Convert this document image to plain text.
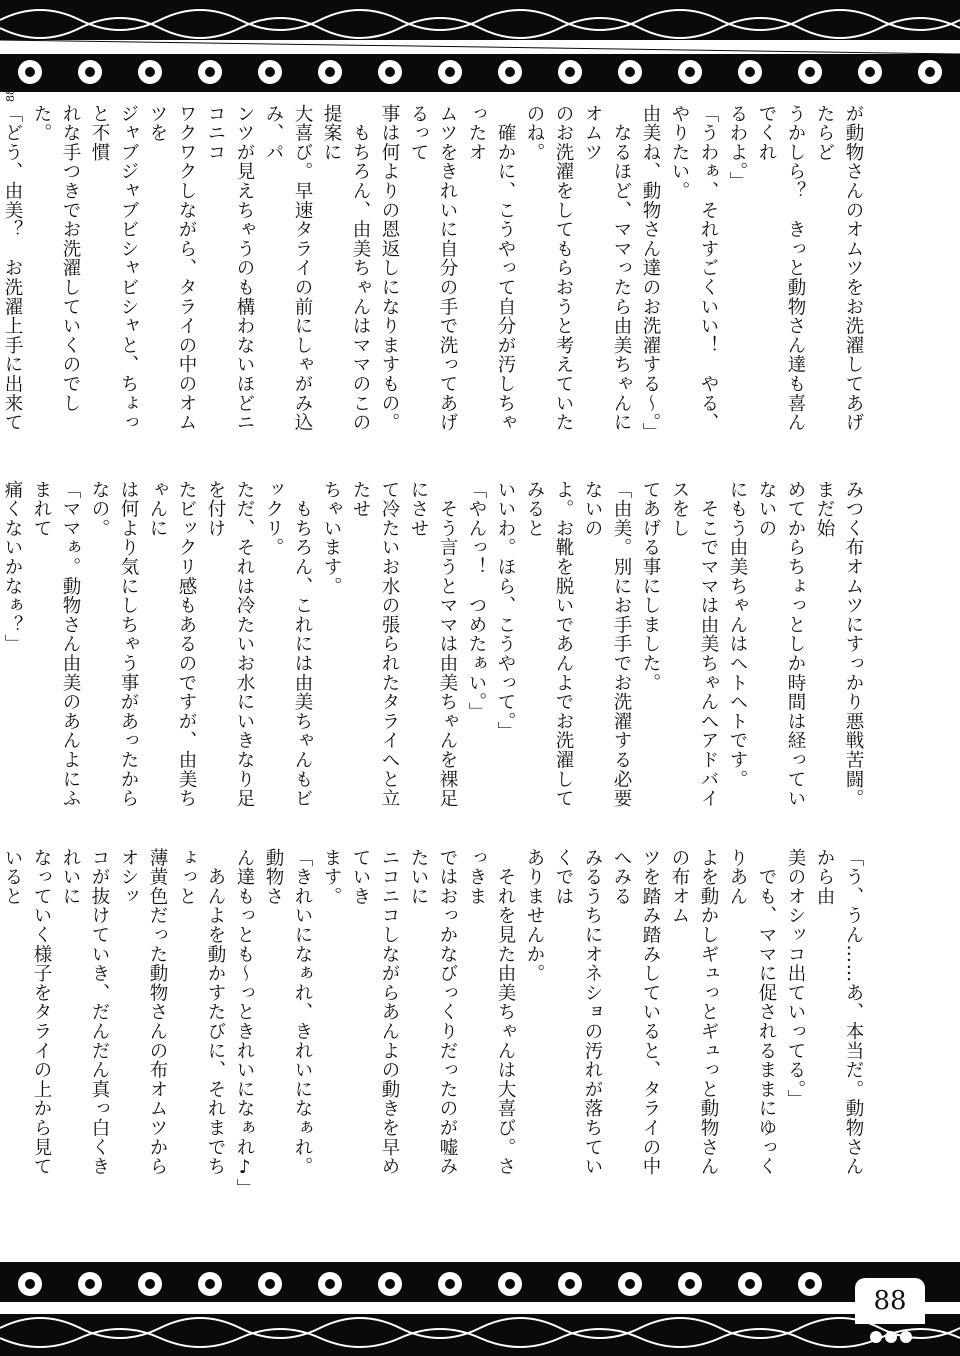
88

が動物さんのオムツをお洗濯してあげたらど

うかしら？　きっと動物さん達も喜んでくれ

るわよ。」

「うわぁ、それすごくいい！　やる、やりたい。

由美ね、動物さん達のお洗濯する〜。」

　なるほど、ママったら由美ちゃんにオムツ

のお洗濯をしてもらおうと考えていたのね。

　確かに、こうやって自分が汚しちゃったオ

ムツをきれいに自分の手で洗ってあげるって

事は何よりの恩返しになりますもの。

　もちろん、由美ちゃんはママのこの提案に

大喜び。早速タライの前にしゃがみ込み、パ

ンツが見えちゃうのも構わないほどニコニコ

ワクワクしながら、タライの中のオムツを

ジャブジャブビシャビシャと、ちょっと不慣

れな手つきでお洗濯していくのでした。

「どう、由美？　お洗濯上手に出来て

みつく布オムツにすっかり悪戦苦闘。まだ始

めてからちょっとしか時間は経っていないの

にもう由美ちゃんはヘトヘトです。

　そこでママは由美ちゃんへアドバイスをし

てあげる事にしました。

「由美。別にお手手でお洗濯する必要ないの

よ。お靴を脱いであんよでお洗濯してみると

いいわ。ほら、こうやって。」

「やんっ！　つめたぁい。」

　そう言うとママは由美ちゃんを裸足にさせ

て冷たいお水の張られたタライへと立たせ

ちゃいます。

　もちろん、これには由美ちゃんもビックリ。

ただ、それは冷たいお水にいきなり足を付け

たビックリ感もあるのですが、由美ちゃんに

は何より気にしちゃう事があったからなの。

「ママぁ。動物さん由美のあんよにふまれて

痛くないかなぁ？」

「う、うん……あ、本当だ。動物さんから由

美のオシッコ出ていってる。」

　でも、ママに促されるままにゆっくりあん

よを動かしギュっとギュっと動物さんの布オム

ツを踏み踏みしていると、タライの中へみる

みるうちにオネショの汚れが落ちていくでは

ありませんか。

　それを見た由美ちゃんは大喜び。さっきま

ではおっかなびっくりだったのが嘘みたいに

ニコニコしながらあんよの動きを早めていき

ます。

「きれいになぁれ、きれいになぁれ。動物さ

ん達もっとも〜っときれいになぁれ♪」

　あんよを動かすたびに、それまでちょっと

薄黄色だった動物さんの布オムツからオシッ

コが抜けていき、だんだん真っ白くきれいに

なっていく様子をタライの上から見ていると

88
